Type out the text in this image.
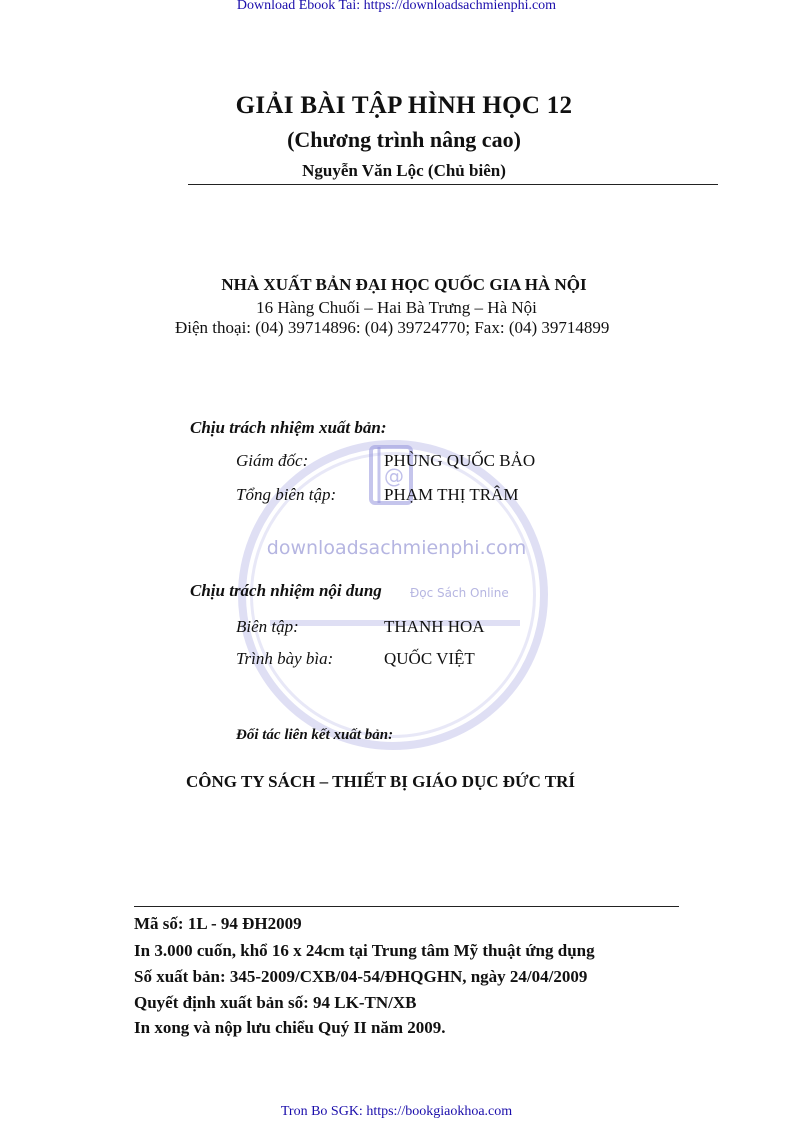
Download Ebook Tai: https://downloadsachmienphi.com
GIẢI BÀI TẬP HÌNH HỌC 12
(Chương trình nâng cao)
Nguyễn Văn Lộc (Chủ biên)
NHÀ XUẤT BẢN ĐẠI HỌC QUỐC GIA HÀ NỘI
16 Hàng Chuối – Hai Bà Trưng – Hà Nội
Điện thoại: (04) 39714896: (04) 39724770; Fax: (04) 39714899
@
downloadsachmienphi.com
Đọc Sách Online
Chịu trách nhiệm xuất bản:
Giám đốc:	PHÙNG QUỐC BẢO
Tổng biên tập:	PHẠM THỊ TRÂM
Chịu trách nhiệm nội dung
Biên tập:	THANH HOA
Trình bày bìa:	QUỐC VIỆT
Đối tác liên kết xuất bản:
CÔNG TY SÁCH – THIẾT BỊ GIÁO DỤC ĐỨC TRÍ
Mã số: 1L - 94 ĐH2009
In 3.000 cuốn, khổ 16 x 24cm tại Trung tâm Mỹ thuật ứng dụng
Số xuất bản: 345-2009/CXB/04-54/ĐHQGHN, ngày 24/04/2009
Quyết định xuất bản số: 94 LK-TN/XB
In xong và nộp lưu chiểu Quý II năm 2009.
Tron Bo SGK: https://bookgiaokhoa.com
